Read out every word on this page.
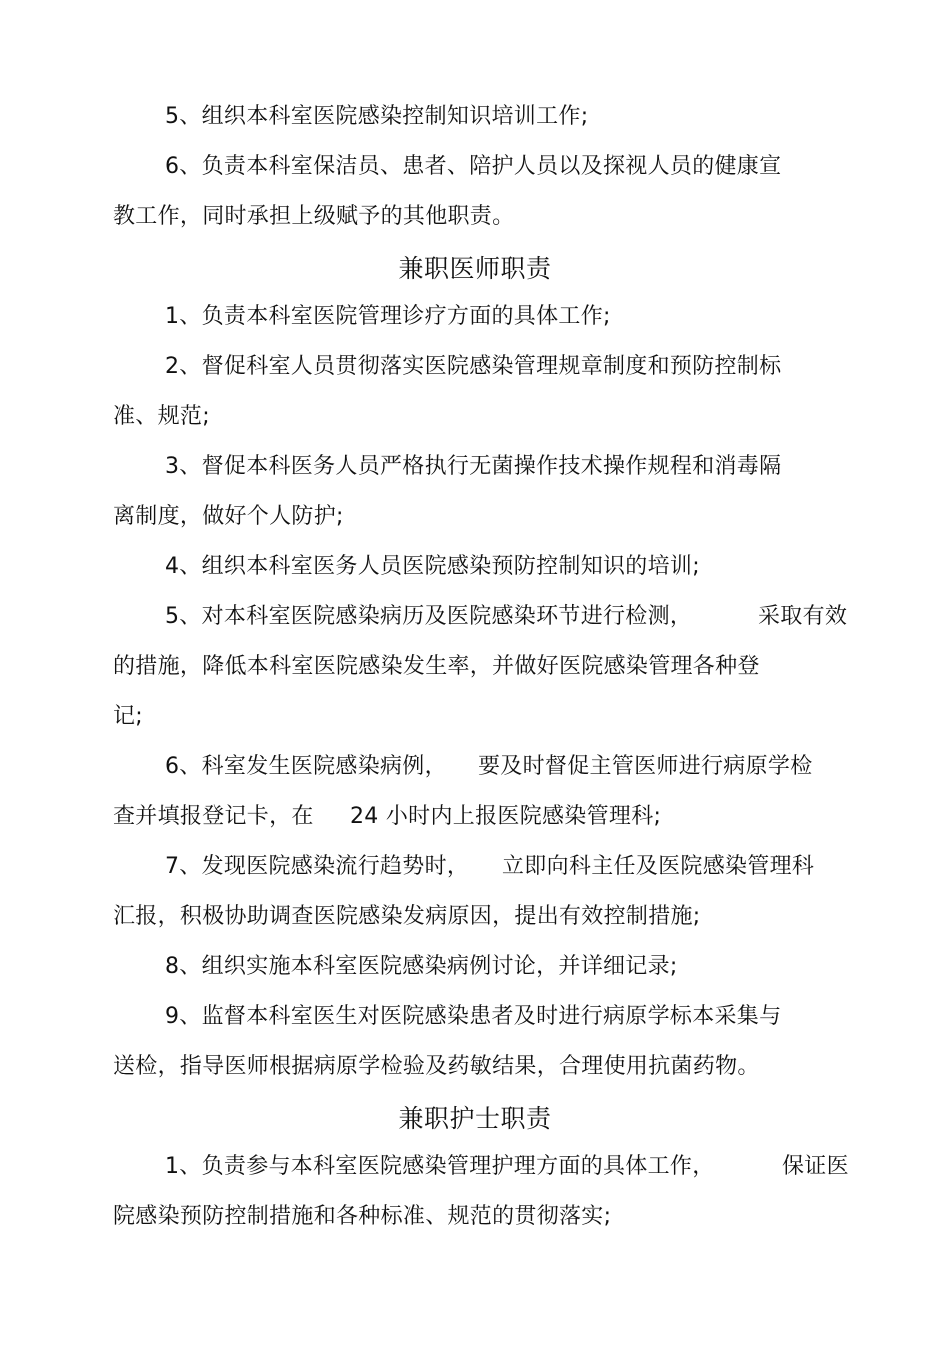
5、组织本科室医院感染控制知识培训工作;
6、负责本科室保洁员、患者、陪护人员以及探视人员的健康宣
教工作，同时承担上级赋予的其他职责。
兼职医师职责
1、负责本科室医院管理诊疗方面的具体工作;
2、督促科室人员贯彻落实医院感染管理规章制度和预防控制标
准、规范;
3、督促本科医务人员严格执行无菌操作技术操作规程和消毒隔
离制度，做好个人防护;
4、组织本科室医务人员医院感染预防控制知识的培训;
5、对本科室医院感染病历及医院感染环节进行检测，	采取有效
的措施，降低本科室医院感染发生率，并做好医院感染管理各种登
记;
6、科室发生医院感染病例， 要及时督促主管医师进行病原学检
查并填报登记卡，在 24 小时内上报医院感染管理科;
7、发现医院感染流行趋势时， 立即向科主任及医院感染管理科
汇报，积极协助调查医院感染发病原因，提出有效控制措施;
8、组织实施本科室医院感染病例讨论，并详细记录;
9、监督本科室医生对医院感染患者及时进行病原学标本采集与
送检，指导医师根据病原学检验及药敏结果，合理使用抗菌药物。
兼职护士职责
1、负责参与本科室医院感染管理护理方面的具体工作，	保证医
院感染预防控制措施和各种标准、规范的贯彻落实;
